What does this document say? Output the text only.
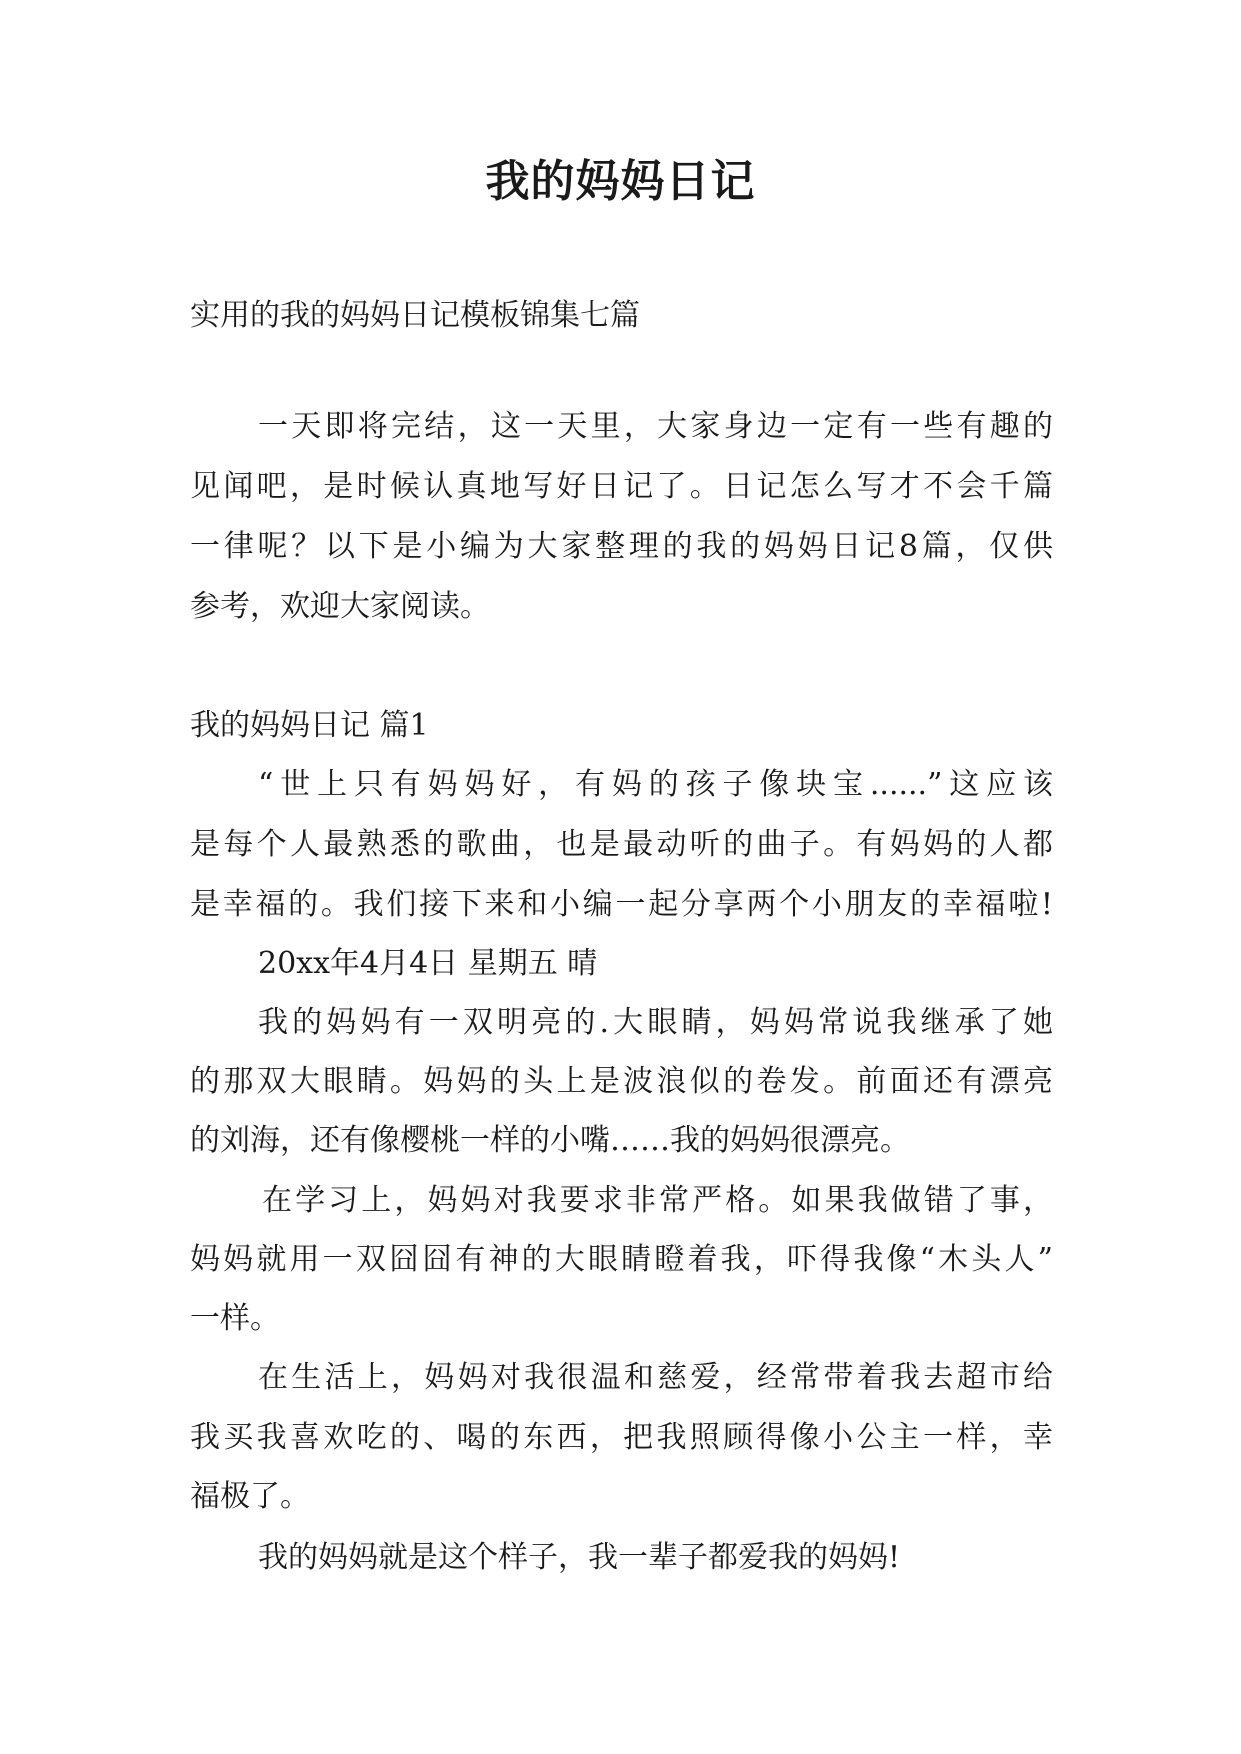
我的妈妈日记
实用的我的妈妈日记模板锦集七篇
一天即将完结，这一天里，大家身边一定有一些有趣的
见闻吧，是时候认真地写好日记了。日记怎么写才不会千篇
一律呢？以下是小编为大家整理的我的妈妈日记8篇，仅供
参考，欢迎大家阅读。
我的妈妈日记 篇1
“世上只有妈妈好，有妈的孩子像块宝......”这应该
是每个人最熟悉的歌曲，也是最动听的曲子。有妈妈的人都
是幸福的。我们接下来和小编一起分享两个小朋友的幸福啦!
20xx年4月4日 星期五 晴
我的妈妈有一双明亮的.大眼睛，妈妈常说我继承了她
的那双大眼睛。妈妈的头上是波浪似的卷发。前面还有漂亮
的刘海，还有像樱桃一样的小嘴……我的妈妈很漂亮。
在学习上，妈妈对我要求非常严格。如果我做错了事，
妈妈就用一双囧囧有神的大眼睛瞪着我，吓得我像“木头人”
一样。
在生活上，妈妈对我很温和慈爱，经常带着我去超市给
我买我喜欢吃的、喝的东西，把我照顾得像小公主一样，幸
福极了。
我的妈妈就是这个样子，我一辈子都爱我的妈妈!
